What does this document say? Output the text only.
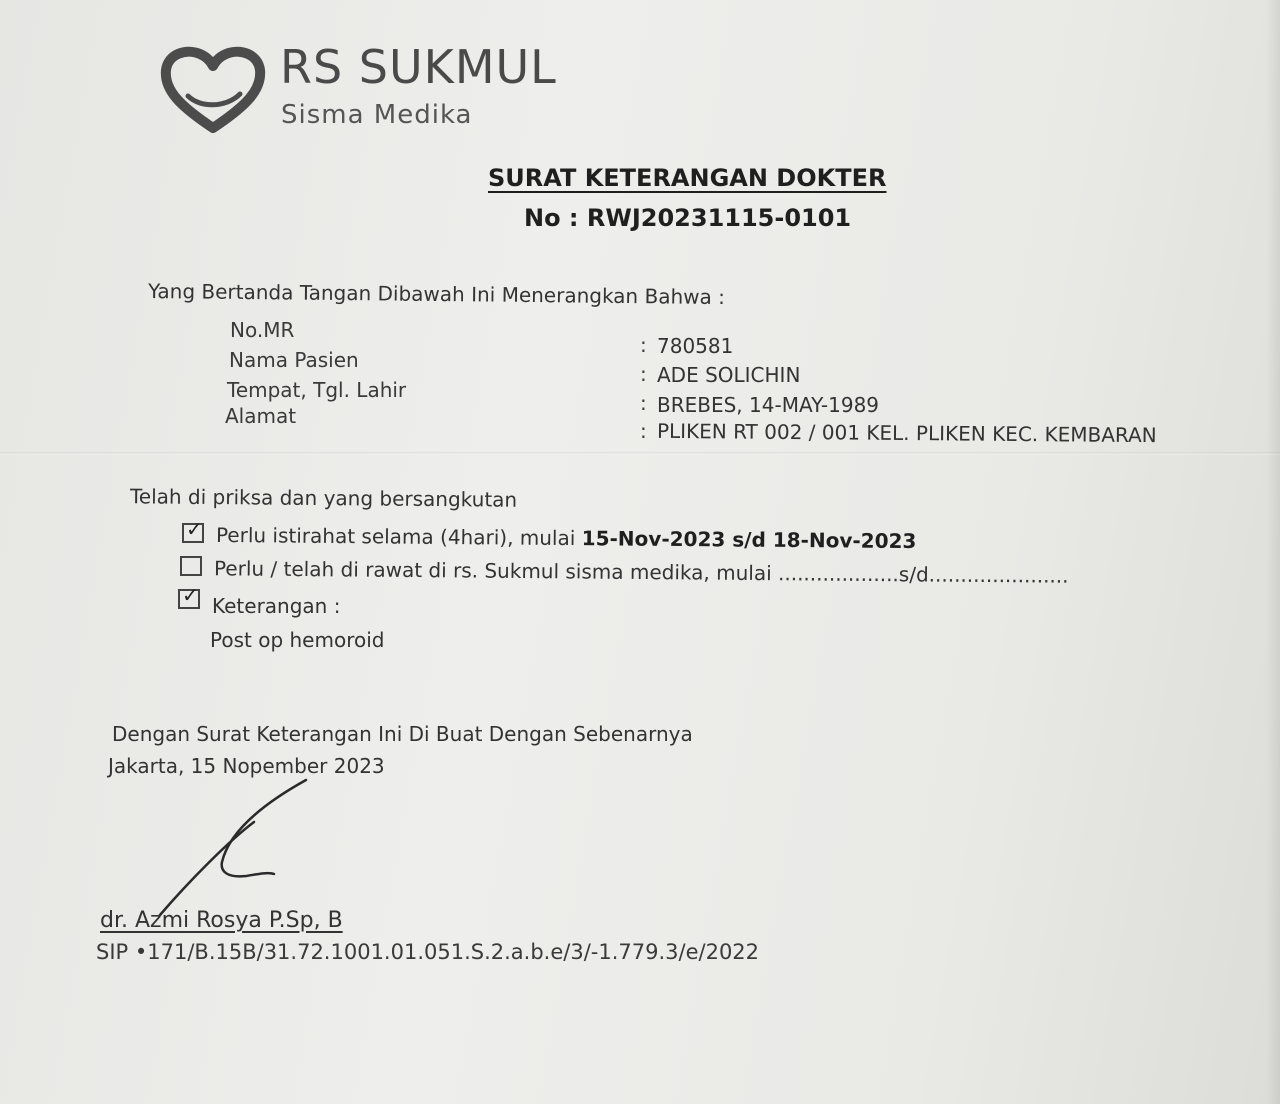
RS SUKMUL
Sisma Medika
SURAT KETERANGAN DOKTER
No : RWJ20231115-0101
Yang Bertanda Tangan Dibawah Ini Menerangkan Bahwa :
No.MR
Nama Pasien
Tempat, Tgl. Lahir
Alamat
:
:
:
:
780581
ADE SOLICHIN
BREBES, 14-MAY-1989
PLIKEN RT 002 / 001 KEL. PLIKEN KEC. KEMBARAN
Telah di priksa dan yang bersangkutan
✓ Perlu istirahat selama (4hari), mulai 15-Nov-2023 s/d 18-Nov-2023
Perlu / telah di rawat di rs. Sukmul sisma medika, mulai ...................s/d......................
✓ Keterangan :
Post op hemoroid
Dengan Surat Keterangan Ini Di Buat Dengan Sebenarnya
Jakarta, 15 Nopember 2023
dr. Azmi Rosya P.Sp, B
SIP •171/B.15B/31.72.1001.01.051.S.2.a.b.e/3/-1.779.3/e/2022
